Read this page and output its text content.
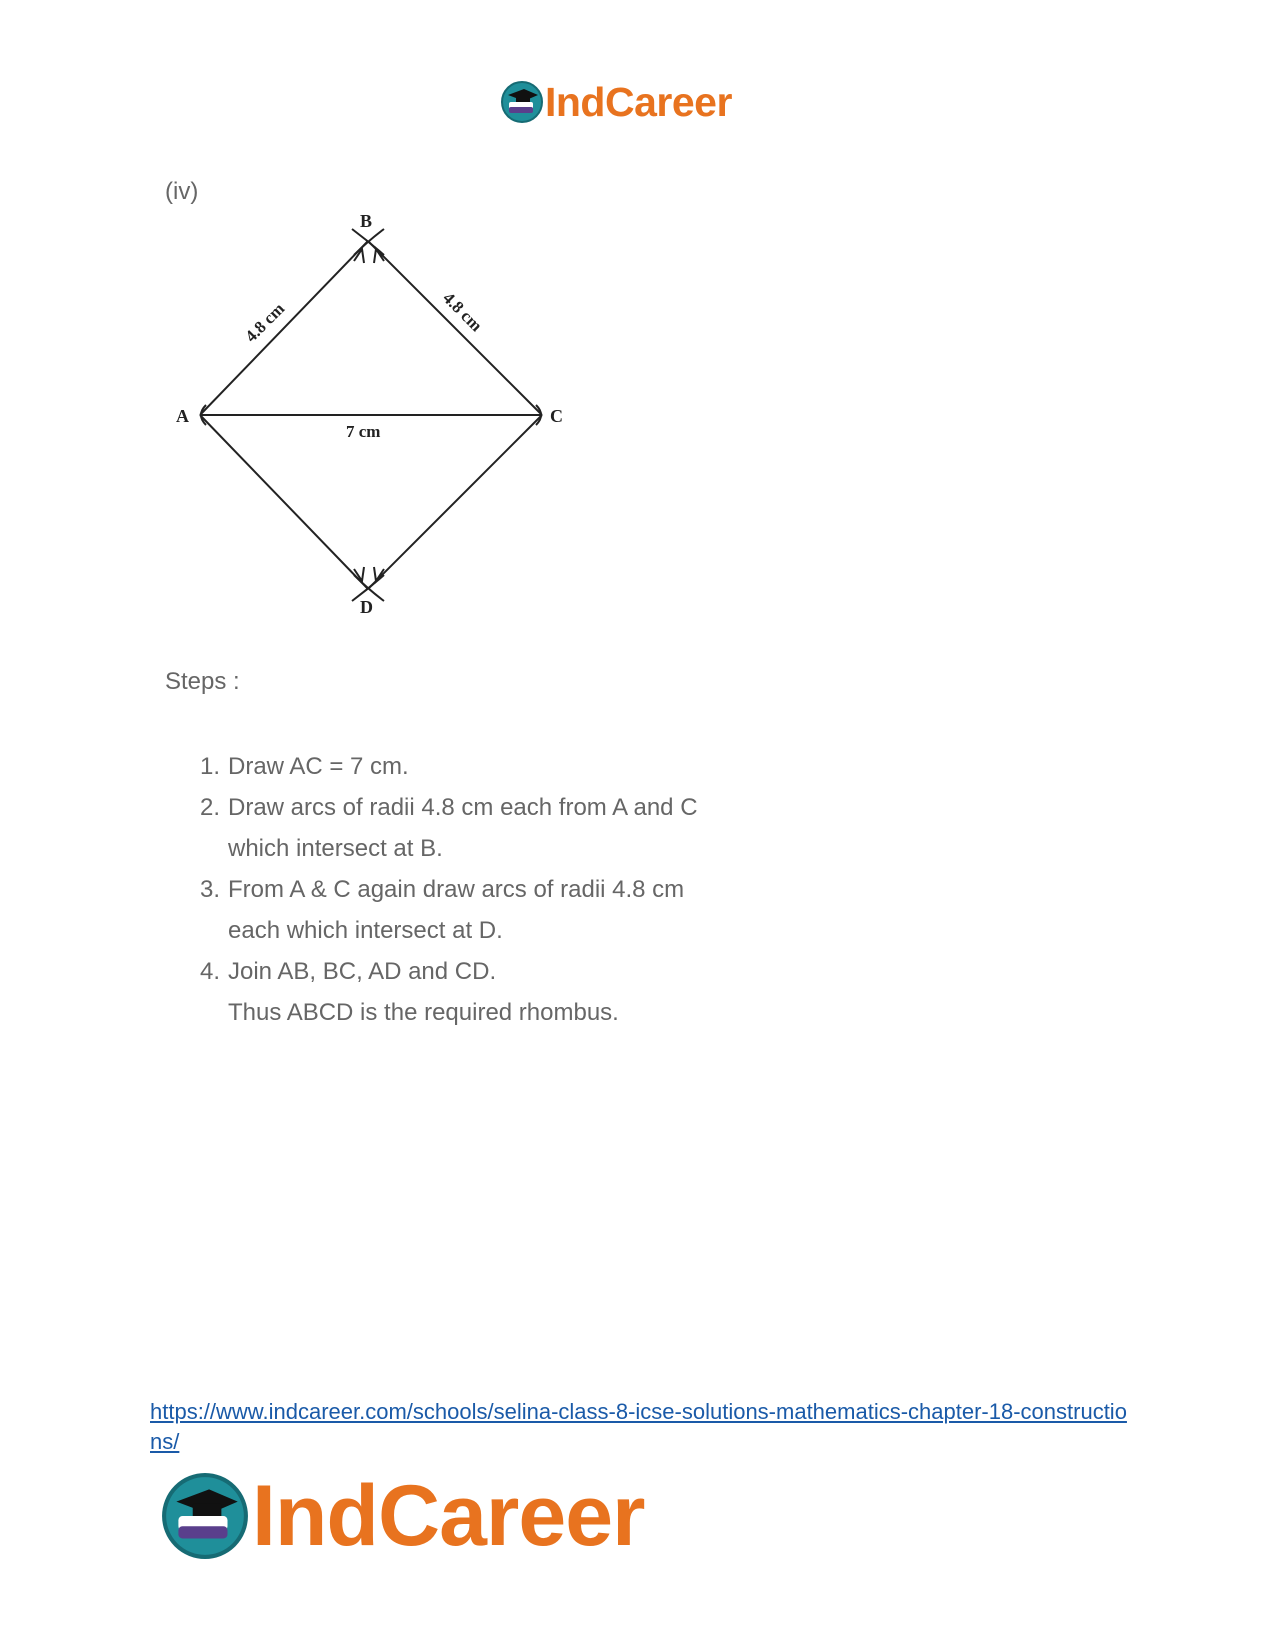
IndCareer
(iv)
A
B
C
D
4.8 cm	4.8 cm
7 cm
Steps :
1. Draw AC = 7 cm.
2. Draw arcs of radii 4.8 cm each from A and C
which intersect at B.
3. From A & C again draw arcs of radii 4.8 cm
each which intersect at D.
4. Join AB, BC, AD and CD.
Thus ABCD is the required rhombus.
https://www.indcareer.com/schools/selina-class-8-icse-solutions-mathematics-chapter-18-constructions/
IndCareer
